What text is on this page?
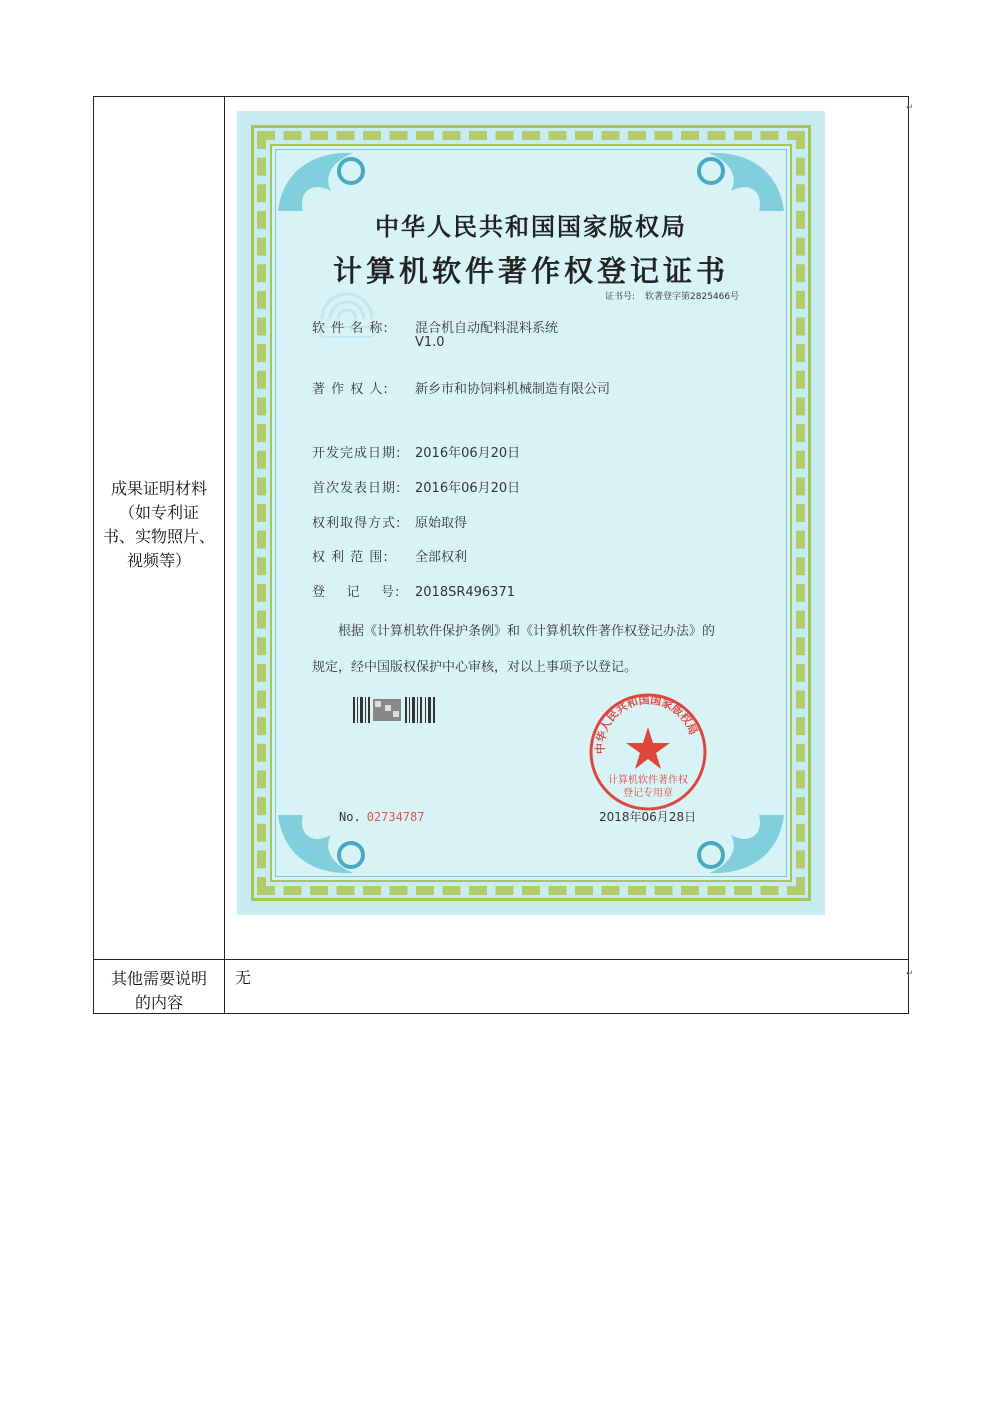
成果证明材料
（如专利证
书、实物照片、
视频等）
其他需要说明
的内容
无
↵
↵
中华人民共和国国家版权局
计算机软件著作权登记证书
证书号: 软著登字第2825466号
软 件 名 称: 混合机自动配料混料系统
V1.0
著 作 权 人: 新乡市和协饲料机械制造有限公司
开发完成日期: 2016年06月20日
首次发表日期: 2016年06月20日
权利取得方式: 原始取得
权 利 范 围: 全部权利
登    记    号: 2018SR496371
根据《计算机软件保护条例》和《计算机软件著作权登记办法》的
规定，经中国版权保护中心审核，对以上事项予以登记。
中华人民共和国国家版权局
计算机软件著作权
登记专用章
No. 02734787	2018年06月28日
